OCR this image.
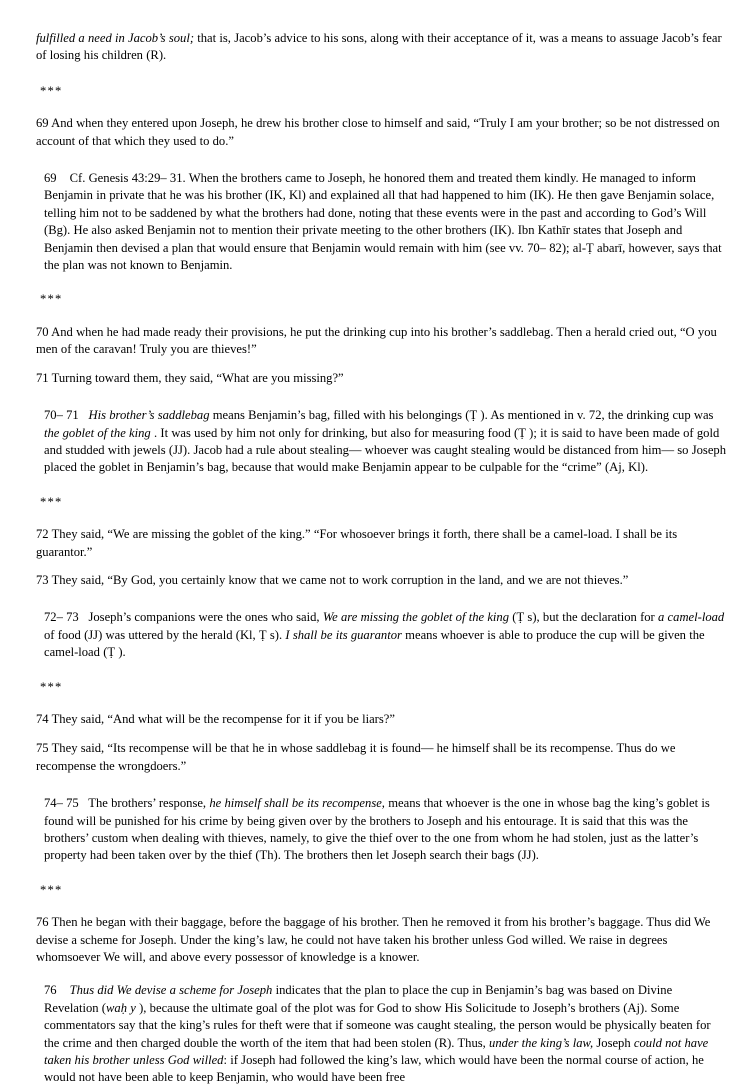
fulfilled a need in Jacob’s soul; that is, Jacob’s advice to his sons, along with their acceptance of it, was a means to assuage Jacob’s fear of losing his children (R).

***

69 And when they entered upon Joseph, he drew his brother close to himself and said, “Truly I am your brother; so be not distressed on account of that which they used to do.”

69 Cf. Genesis 43:29– 31. When the brothers came to Joseph, he honored them and treated them kindly. He managed to inform Benjamin in private that he was his brother (IK, Kl) and explained all that had happened to him (IK). He then gave Benjamin solace, telling him not to be saddened by what the brothers had done, noting that these events were in the past and according to God’s Will (Bg). He also asked Benjamin not to mention their private meeting to the other brothers (IK). Ibn Kathīr states that Joseph and Benjamin then devised a plan that would ensure that Benjamin would remain with him (see vv. 70– 82); al-Ṭ abarī, however, says that the plan was not known to Benjamin.

***

70 And when he had made ready their provisions, he put the drinking cup into his brother’s saddlebag. Then a herald cried out, “O you men of the caravan! Truly you are thieves!”

71 Turning toward them, they said, “What are you missing?”

70– 71 His brother’s saddlebag means Benjamin’s bag, filled with his belongings (Ṭ ). As mentioned in v. 72, the drinking cup was the goblet of the king . It was used by him not only for drinking, but also for measuring food (Ṭ ); it is said to have been made of gold and studded with jewels (JJ). Jacob had a rule about stealing— whoever was caught stealing would be distanced from him— so Joseph placed the goblet in Benjamin’s bag, because that would make Benjamin appear to be culpable for the “crime” (Aj, Kl).

***

72 They said, “We are missing the goblet of the king.” “For whosoever brings it forth, there shall be a camel-load. I shall be its guarantor.”

73 They said, “By God, you certainly know that we came not to work corruption in the land, and we are not thieves.”

72– 73 Joseph’s companions were the ones who said, We are missing the goblet of the king (Ṭ s), but the declaration for a camel-load of food (JJ) was uttered by the herald (Kl, Ṭ s). I shall be its guarantor means whoever is able to produce the cup will be given the camel-load (Ṭ ).

***

74 They said, “And what will be the recompense for it if you be liars?”

75 They said, “Its recompense will be that he in whose saddlebag it is found— he himself shall be its recompense. Thus do we recompense the wrongdoers.”

74– 75 The brothers’ response, he himself shall be its recompense, means that whoever is the one in whose bag the king’s goblet is found will be punished for his crime by being given over by the brothers to Joseph and his entourage. It is said that this was the brothers’ custom when dealing with thieves, namely, to give the thief over to the one from whom he had stolen, just as the latter’s property had been taken over by the thief (Th). The brothers then let Joseph search their bags (JJ).

***

76 Then he began with their baggage, before the baggage of his brother. Then he removed it from his brother’s baggage. Thus did We devise a scheme for Joseph. Under the king’s law, he could not have taken his brother unless God willed. We raise in degrees whomsoever We will, and above every possessor of knowledge is a knower.

76 Thus did We devise a scheme for Joseph indicates that the plan to place the cup in Benjamin’s bag was based on Divine Revelation (waḥ y ), because the ultimate goal of the plot was for God to show His Solicitude to Joseph’s brothers (Aj). Some commentators say that the king’s rules for theft were that if someone was caught stealing, the person would be physically beaten for the crime and then charged double the worth of the item that had been stolen (R). Thus, under the king’s law, Joseph could not have taken his brother unless God willed: if Joseph had followed the king’s law, which would have been the normal course of action, he would not have been able to keep Benjamin, who would have been free
